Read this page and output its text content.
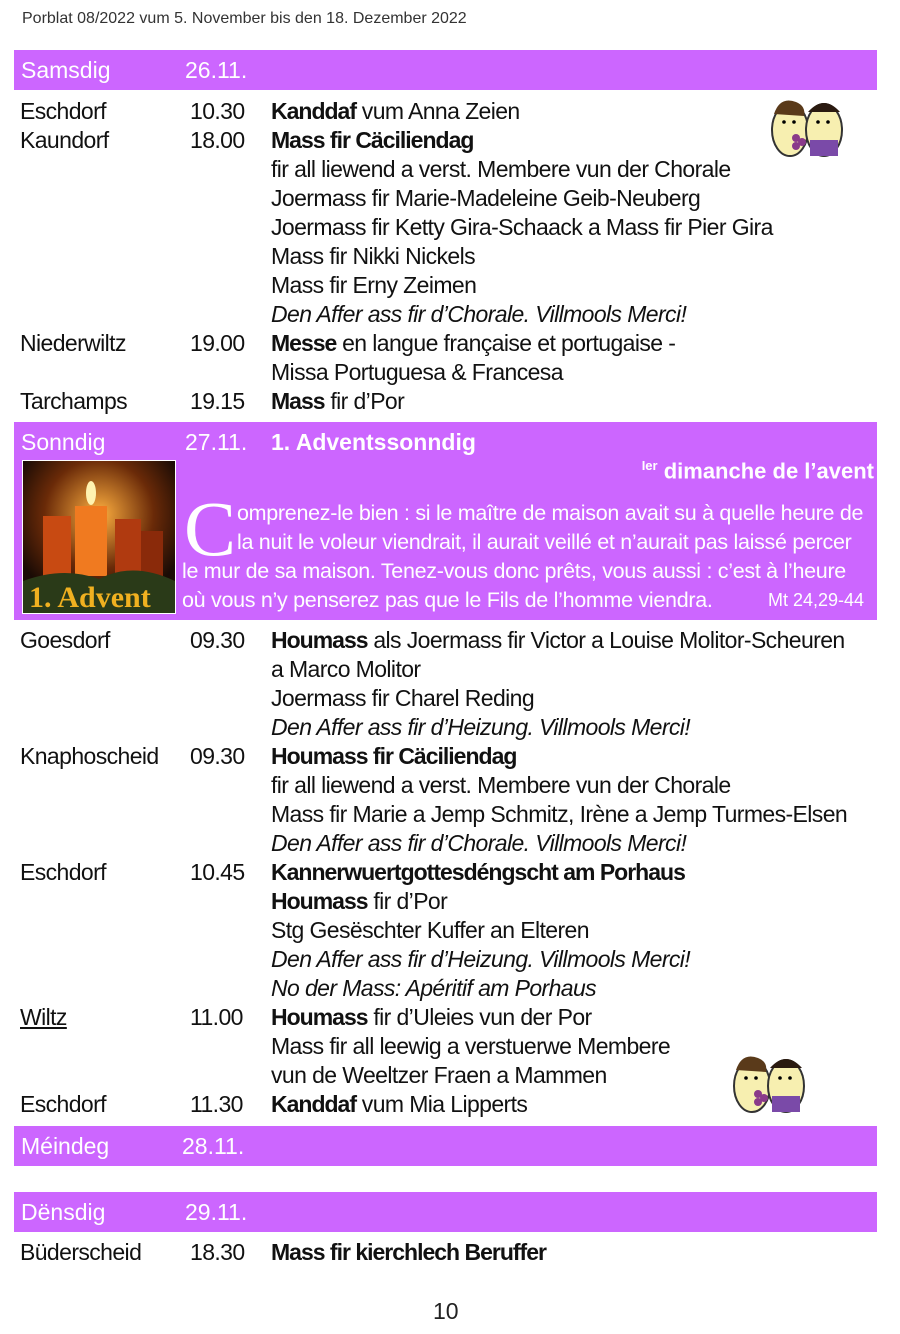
Porblat 08/2022 vum 5. November bis den 18. Dezember 2022
Samsdig	26.11.
Eschdorf	10.30 Kanddaf vum Anna Zeien
Kaundorf	18.00 Mass fir Cäciliendag
fir all liewend a verst. Membere vun der Chorale
Joermass fir Marie-Madeleine Geib-Neuberg
Joermass fir Ketty Gira-Schaack a Mass fir Pier Gira
Mass fir Nikki Nickels
Mass fir Erny Zeimen
Den Affer ass fir d’Chorale. Villmools Merci!
Niederwiltz	19.00 Messe en langue française et portugaise -
Missa Portuguesa & Francesa
Tarchamps	19.15 Mass fir d’Por
Sonndig	27.11. 1. Adventssonndig
$^{Ier}$ dimanche de l’avent
1. Advent
C omprenez-le bien : si le maître de maison avait su à quelle heure de
la nuit le voleur viendrait, il aurait veillé et n’aurait pas laissé percer
le mur de sa maison. Tenez-vous donc prêts, vous aussi : c’est à l’heure
où vous n’y penserez pas que le Fils de l’homme viendra.	Mt 24,29-44
Goesdorf	09.30 Houmass als Joermass fir Victor a Louise Molitor-Scheuren
a Marco Molitor
Joermass fir Charel Reding
Den Affer ass fir d’Heizung. Villmools Merci!
Knaphoscheid 09.30 Houmass fir Cäciliendag
fir all liewend a verst. Membere vun der Chorale
Mass fir Marie a Jemp Schmitz, Irène a Jemp Turmes-Elsen
Den Affer ass fir d’Chorale. Villmools Merci!
Eschdorf	10.45 Kannerwuertgottesdéngscht am Porhaus
Houmass fir d’Por
Stg Gesëschter Kuffer an Elteren
Den Affer ass fir d’Heizung. Villmools Merci!
No der Mass: Apéritif am Porhaus
Wiltz	11.00 Houmass fir d’Uleies vun der Por
Mass fir all leewig a verstuerwe Membere
vun de Weeltzer Fraen a Mammen
Eschdorf	11.30 Kanddaf vum Mia Lipperts
Méindeg	28.11.
Dënsdig	29.11.
Büderscheid 18.30 Mass fir kierchlech Beruffer
10
